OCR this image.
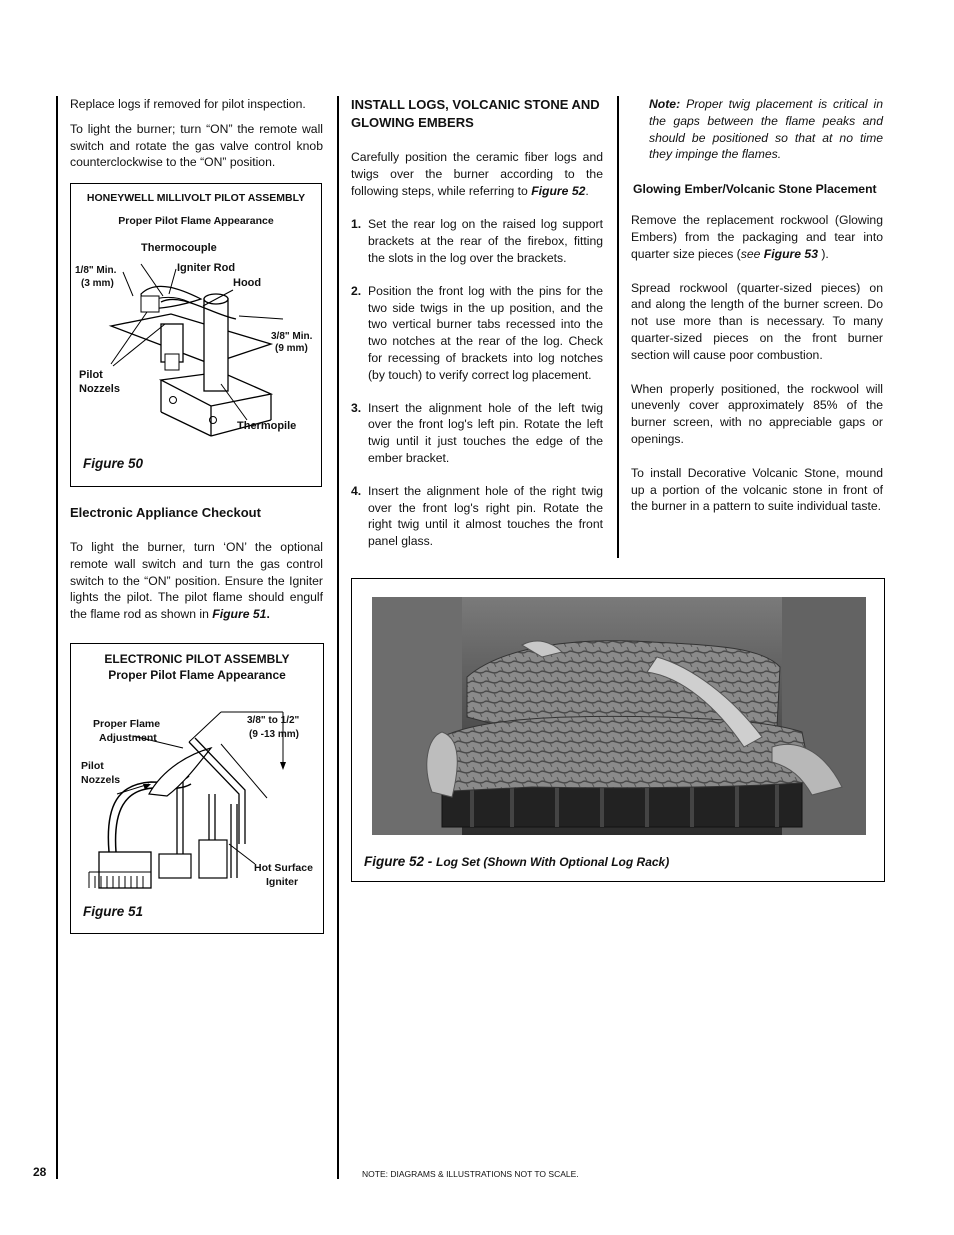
Replace logs if removed for pilot inspection.

To light the burner; turn “ON” the remote wall switch and rotate the gas valve control knob counterclockwise to the “ON” position.

HONEYWELL MILLIVOLT PILOT ASSEMBLY
Proper Pilot Flame Appearance
Thermocouple
Igniter Rod
Hood
1/8" Min.
(3 mm)
3/8" Min.
(9 mm)
Pilot
Nozzels
Thermopile
Figure 50
Electronic Appliance Checkout

To light the burner, turn ‘ON’ the optional remote wall switch and turn the gas control switch to the “ON” position. Ensure the Igniter lights the pilot. The pilot flame should engulf the flame rod as shown in Figure 51.

ELECTRONIC PILOT ASSEMBLY
Proper Pilot Flame Appearance
Proper Flame
Adjustment
3/8" to 1/2"
(9 -13 mm)
Pilot
Nozzels
Hot Surface
Igniter
Figure 51
28
INSTALL LOGS, VOLCANIC STONE AND GLOWING EMBERS

Carefully position the ceramic fiber logs and twigs over the burner according to the following steps, while referring to Figure 52.

1. Set the rear log on the raised log support brackets at the rear of the firebox, fitting the slots in the log over the brackets.
2. Position the front log with the pins for the two side twigs in the up position, and the two vertical burner tabs recessed into the two notches at the rear of the log. Check for recessing of brackets into log notches (by touch) to verify correct log placement.
3. Insert the alignment hole of the left twig over the front log's left pin. Rotate the left twig until it just touches the edge of the ember bracket.
4. Insert the alignment hole of the right twig over the front log's right pin. Rotate the right twig until it almost touches the front panel glass.

Note: Proper twig placement is critical in the gaps between the flame peaks and should be positioned so that at no time they impinge the flames.

Glowing Ember/Volcanic Stone Placement

Remove the replacement rockwool (Glowing Embers) from the packaging and tear into quarter size pieces (see Figure 53 ).

Spread rockwool (quarter-sized pieces) on and along the length of the burner screen. Do not use more than is necessary. To many quarter-sized pieces on the front burner section will cause poor combustion.

When properly positioned, the rockwool will unevenly cover approximately 85% of the burner screen, with no appreciable gaps or openings.

To install Decorative Volcanic Stone, mound up a portion of the volcanic stone in front of the burner in a pattern to suite individual taste.

Figure 52 - Log Set (Shown With Optional Log Rack)
NOTE: DIAGRAMS & ILLUSTRATIONS NOT TO SCALE.
